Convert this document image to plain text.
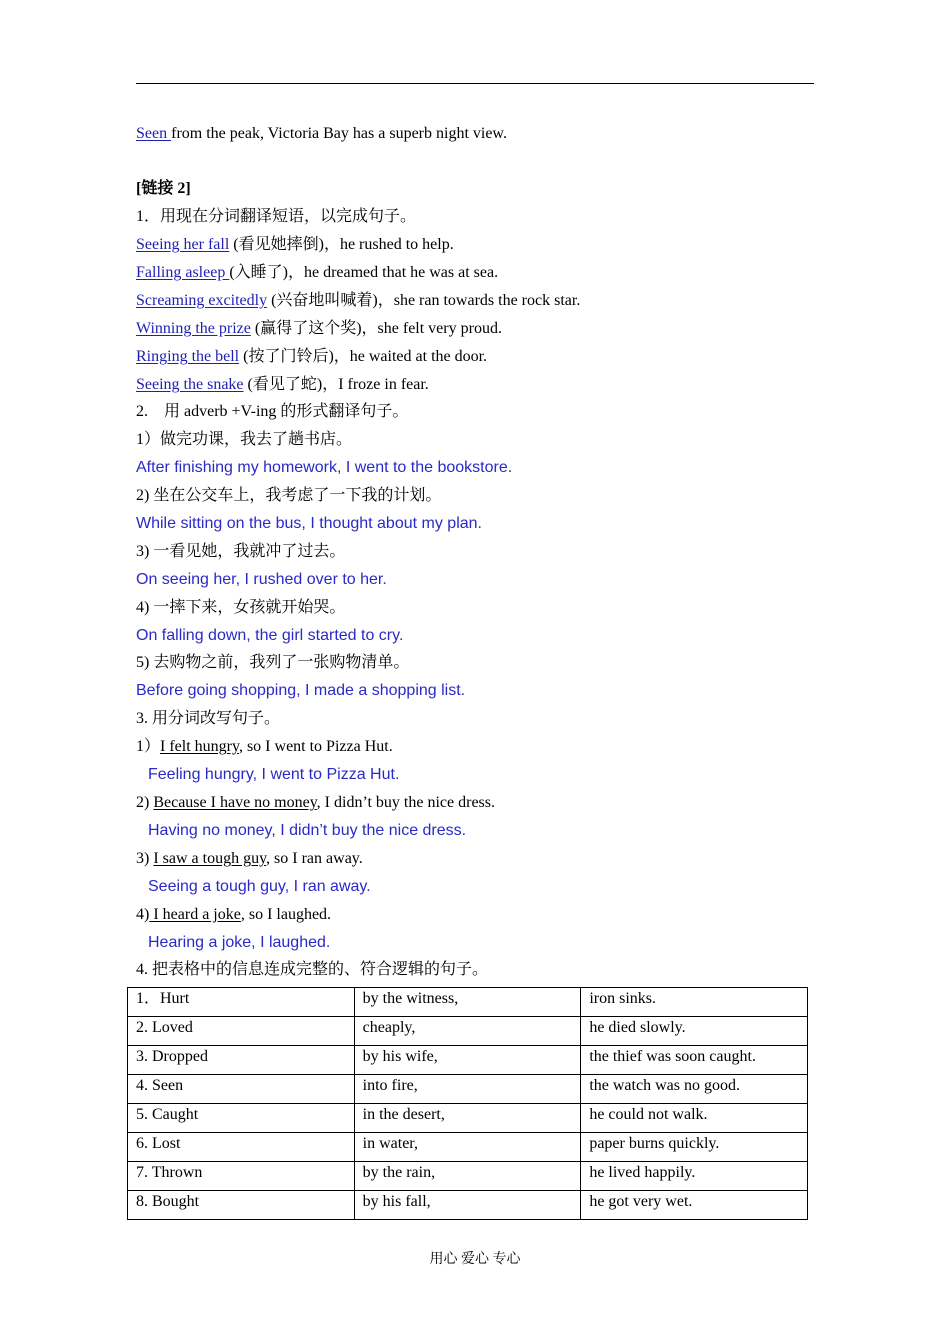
Seen from the peak, Victoria Bay has a superb night view.
[链接 2]
1．用现在分词翻译短语，以完成句子。
Seeing her fall (看见她摔倒)，he rushed to help.
Falling asleep (入睡了)，he dreamed that he was at sea.
Screaming excitedly (兴奋地叫喊着)，she ran towards the rock star.
Winning the prize (赢得了这个奖)，she felt very proud.
Ringing the bell (按了门铃后)，he waited at the door.
Seeing the snake (看见了蛇)，I froze in fear.
2.　用 adverb +V-ing 的形式翻译句子。
1）做完功课，我去了趟书店。
After finishing my homework, I went to the bookstore.
2) 坐在公交车上，我考虑了一下我的计划。
While sitting on the bus, I thought about my plan.
3) 一看见她，我就冲了过去。
On seeing her, I rushed over to her.
4) 一摔下来，女孩就开始哭。
On falling down, the girl started to cry.
5) 去购物之前，我列了一张购物清单。
Before going shopping, I made a shopping list.
3. 用分词改写句子。
1）I felt hungry, so I went to Pizza Hut.
Feeling hungry, I went to Pizza Hut.
2) Because I have no money, I didn’t buy the nice dress.
Having no money, I didn’t buy the nice dress.
3) I saw a tough guy, so I ran away.
Seeing a tough guy, I ran away.
4) I heard a joke, so I laughed.
Hearing a joke, I laughed.
4. 把表格中的信息连成完整的、符合逻辑的句子。
1．Hurt	by the witness,	iron sinks.
2. Loved	cheaply,	he died slowly.
3. Dropped	by his wife,	the thief was soon caught.
4. Seen	into fire,	the watch was no good.
5. Caught	in the desert,	he could not walk.
6. Lost	in water,	paper burns quickly.
7. Thrown	by the rain,	he lived happily.
8. Bought	by his fall,	he got very wet.
用心 爱心 专心
